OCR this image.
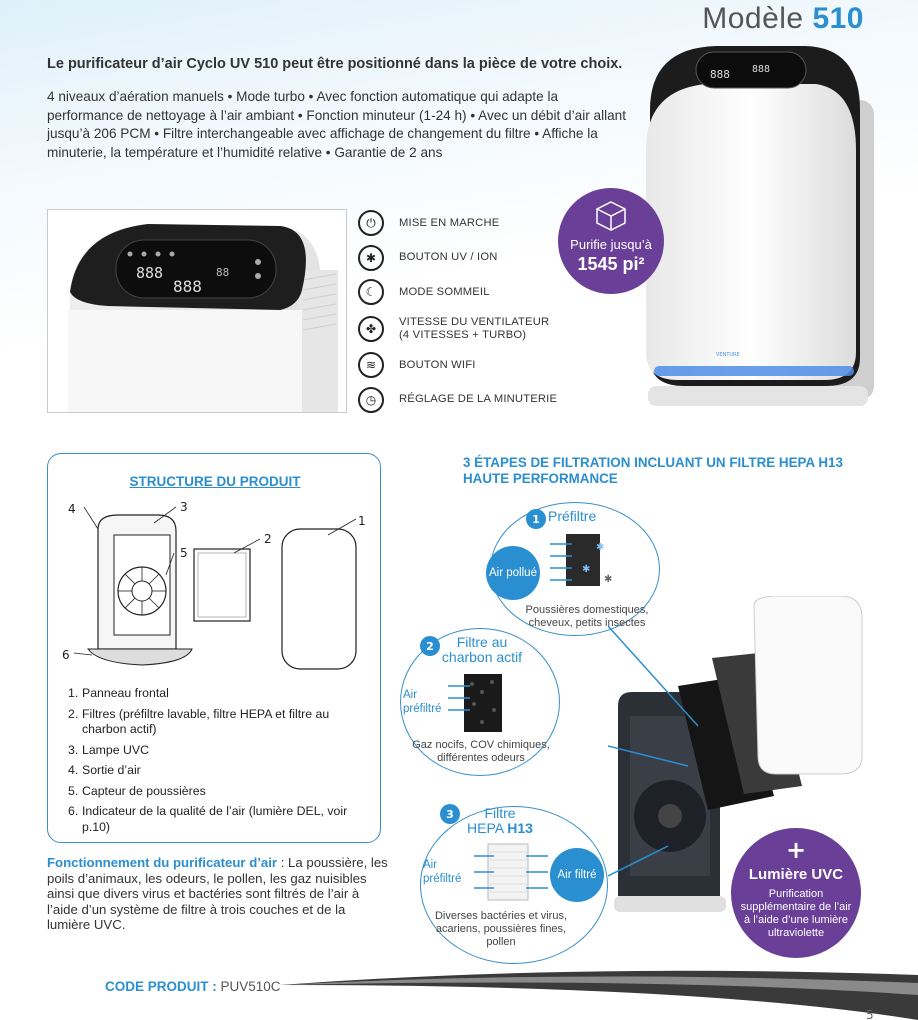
Modèle 510
Le purificateur d’air Cyclo UV 510 peut être positionné dans la pièce de votre choix.
4 niveaux d’aération manuels • Mode turbo • Avec fonction automatique qui adapte la performance de nettoyage à l’air ambiant • Fonction minuteur (1-24 h) • Avec un débit d’air allant jusqu’à 206 PCM • Filtre interchangeable avec affichage de changement du filtre • Affiche la minuterie, la température et l’humidité relative • Garantie de 2 ans
888
888
88
⏻	MISE EN MARCHE
✱	BOUTON UV / ION
☾	MODE SOMMEIL
✤	VITESSE DU VENTILATEUR
(4 VITESSES + TURBO)
≋	BOUTON WIFI
◷	RÉGLAGE DE LA MINUTERIE
Purifie jusqu’à
1545 pi²
888 888
VENTURE
STRUCTURE DU PRODUIT
4	3
2
1
5
6
1. Panneau frontal
2. Filtres (préfiltre lavable, filtre HEPA et filtre au charbon actif)
3. Lampe UVC
4. Sortie d’air
5. Capteur de poussières
6. Indicateur de la qualité de l’air (lumière DEL, voir p.10)
Fonctionnement du purificateur d’air : La poussière, les poils d’animaux, les odeurs, le pollen, les gaz nuisibles ainsi que divers virus et bactéries sont filtrés de l’air à l’aide d’un système de filtre à trois couches et de la lumière UVC.
3 ÉTAPES DE FILTRATION INCLUANT UN FILTRE HEPA H13 HAUTE PERFORMANCE
1 Préfiltre
Air pollué
✱
✱
✱
Poussières domestiques, cheveux, petits insectes
2	Filtre au
charbon actif
Air préfiltré
Gaz nocifs, COV chimiques, différentes odeurs
3	Filtre
HEPA H13
Air préfiltré	Air filtré
Diverses bactéries et virus, acariens, poussières fines, pollen
+
Lumière UVC
Purification supplémentaire de l’air à l’aide d’une lumière ultraviolette
CODE PRODUIT : PUV510C
5
